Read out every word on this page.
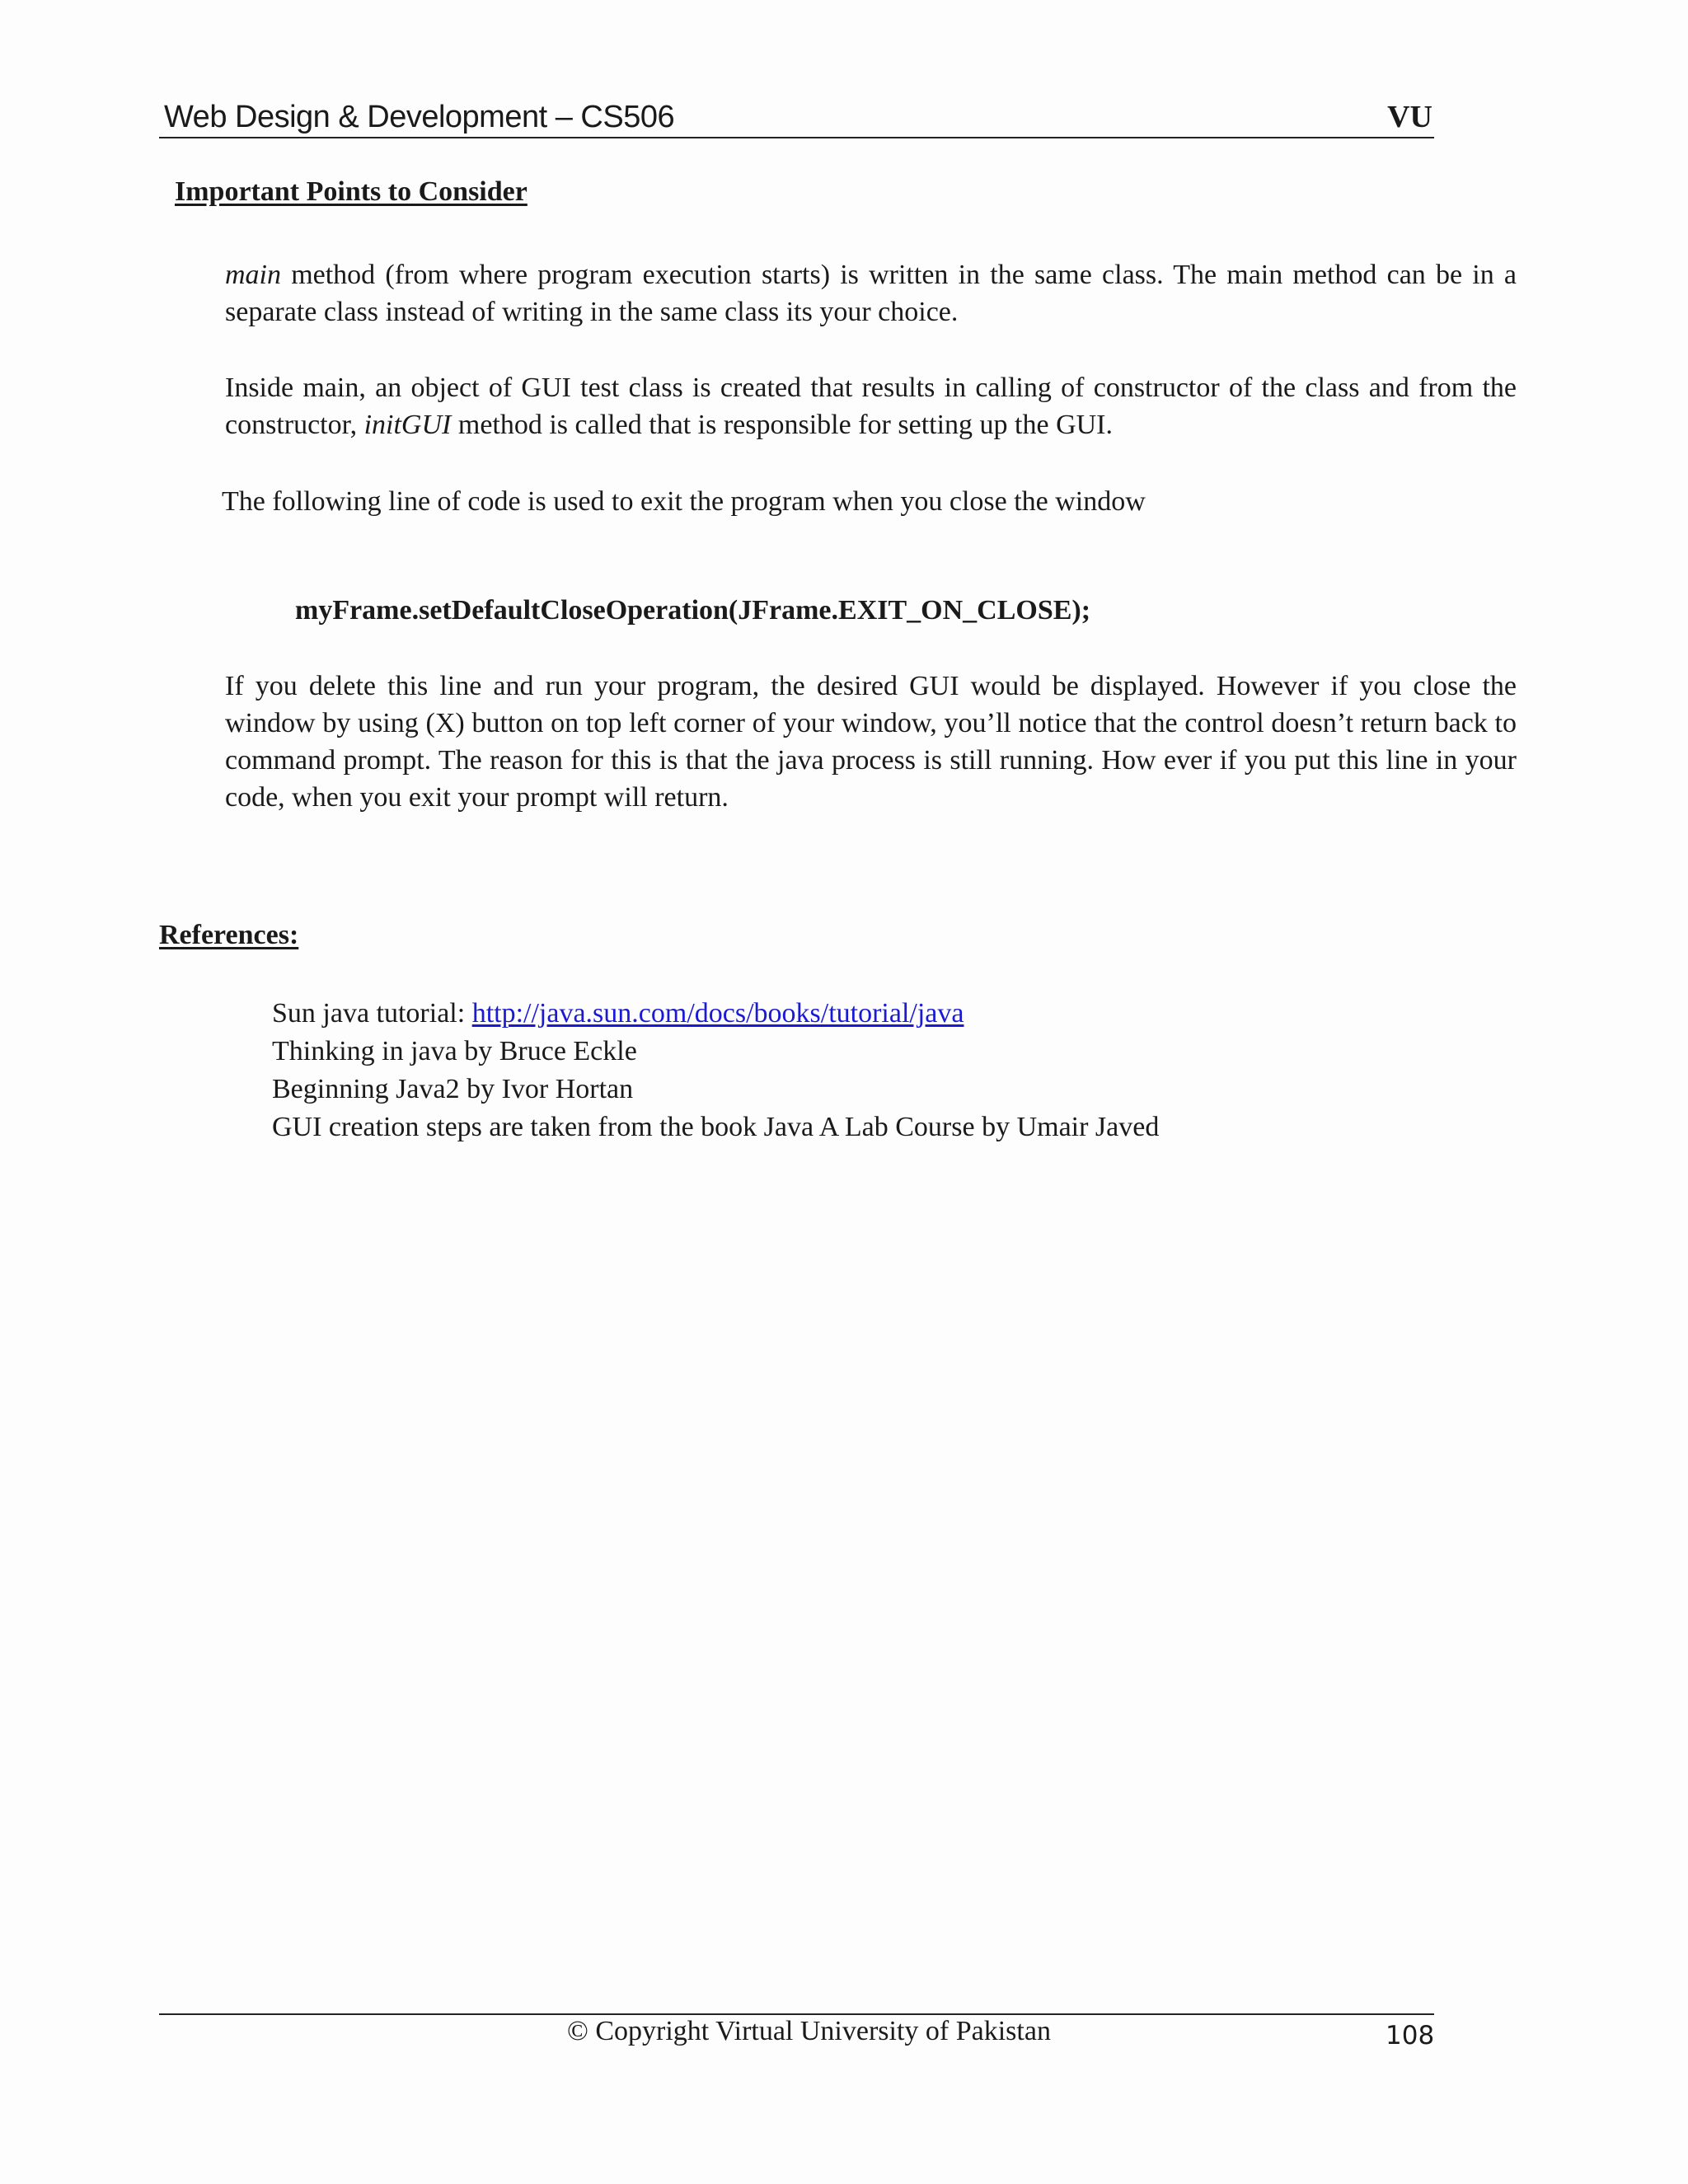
Web Design & Development – CS506	VU
Important Points to Consider

main method (from where program execution starts) is written in the same class. The main method can be in a separate class instead of writing in the same class its your choice.

Inside main, an object of GUI test class is created that results in calling of constructor of the class and from the constructor, initGUI method is called that is responsible for setting up the GUI.

The following line of code is used to exit the program when you close the window

myFrame.setDefaultCloseOperation(JFrame.EXIT_ON_CLOSE);

If you delete this line and run your program, the desired GUI would be displayed. However if you close the window by using (X) button on top left corner of your window, you’ll notice that the control doesn’t return back to command prompt. The reason for this is that the java process is still running. How ever if you put this line in your code, when you exit your prompt will return.

References:
Sun java tutorial: http://java.sun.com/docs/books/tutorial/java
Thinking in java by Bruce Eckle
Beginning Java2 by Ivor Hortan
GUI creation steps are taken from the book Java A Lab Course by Umair Javed
© Copyright Virtual University of Pakistan	108
